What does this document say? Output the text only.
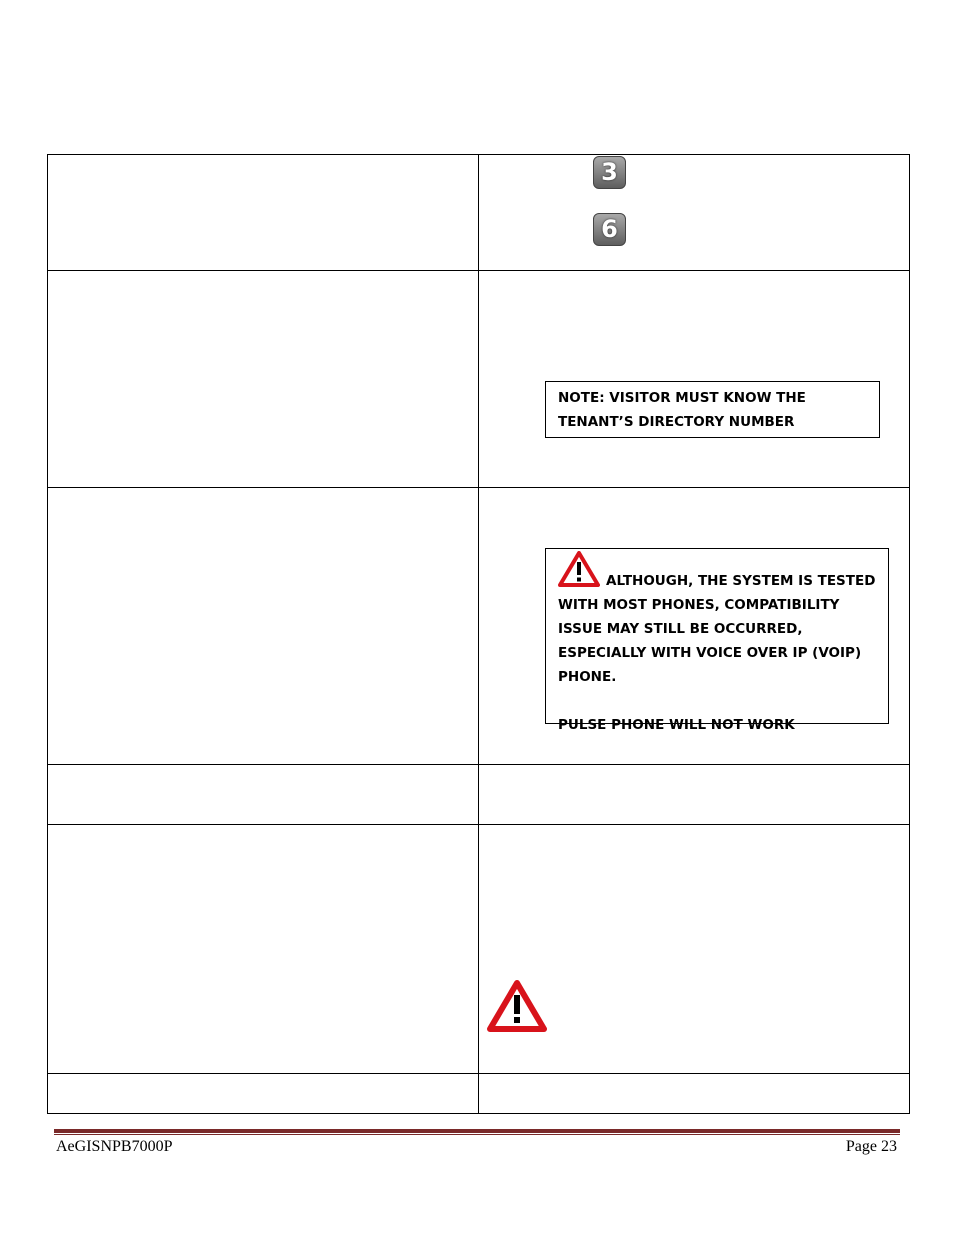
	3
6

	NOTE: VISITOR MUST KNOW THE TENANT’S DIRECTORY NUMBER

	ALTHOUGH, THE SYSTEM IS TESTED WITH MOST PHONES, COMPATIBILITY ISSUE MAY STILL BE OCCURRED, ESPECIALLY WITH VOICE OVER IP (VOIP) PHONE.

PULSE PHONE WILL NOT WORK

AeGISNPB7000P	Page 23
